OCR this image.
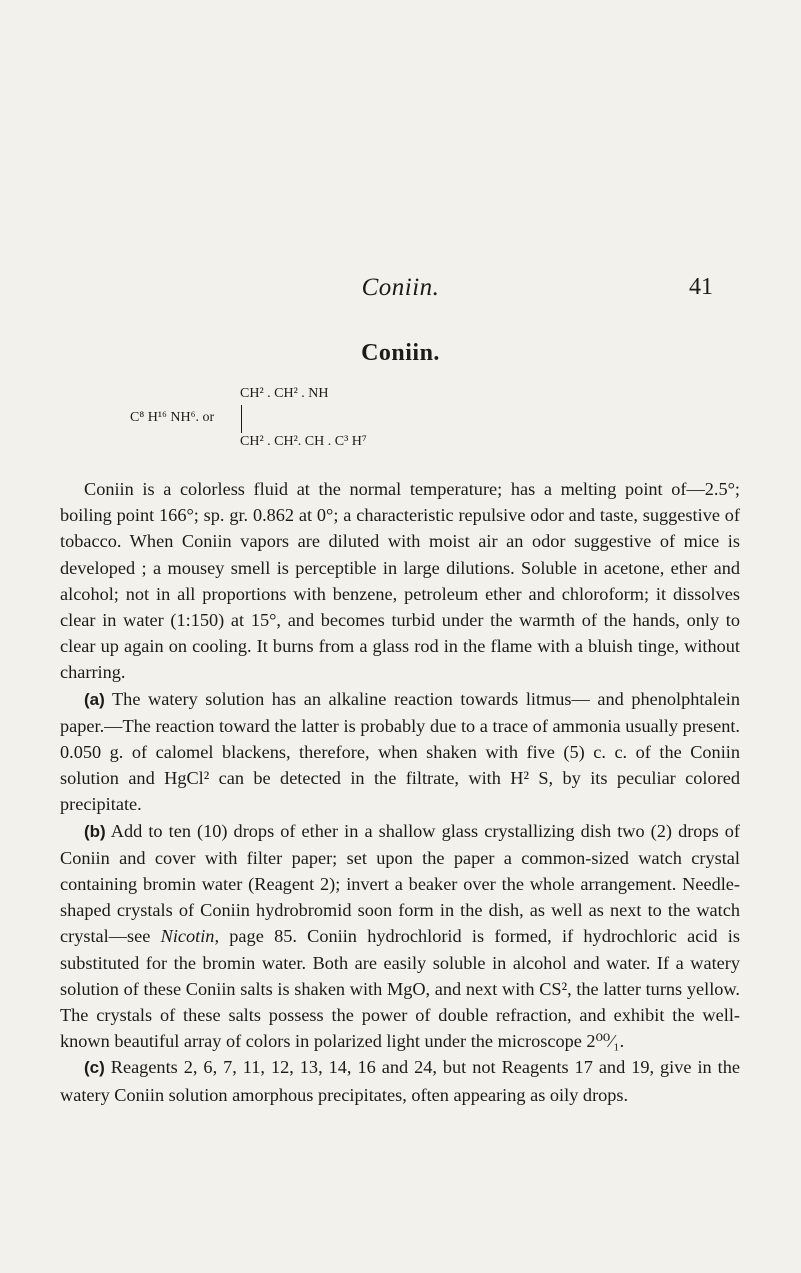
Coniin.	41
Coniin.
CH² . CH² . NH
C⁸ H¹⁶ NH⁶. or
CH² . CH². CH . C³ H⁷

Coniin is a colorless fluid at the normal temperature; has a melting point of—2.5°; boiling point 166°; sp. gr. 0.862 at 0°; a characteristic repulsive odor and taste, suggestive of tobacco. When Coniin vapors are diluted with moist air an odor suggestive of mice is developed ; a mousey smell is perceptible in large dilutions. Soluble in acetone, ether and alcohol; not in all proportions with benzene, petroleum ether and chloroform; it dissolves clear in water (1:150) at 15°, and becomes turbid under the warmth of the hands, only to clear up again on cooling. It burns from a glass rod in the flame with a bluish tinge, without charring.

(a) The watery solution has an alkaline reaction towards litmus— and phenolphtalein paper.—The reaction toward the latter is probably due to a trace of ammonia usually present. 0.050 g. of calomel blackens, therefore, when shaken with five (5) c. c. of the Coniin solution and HgCl² can be detected in the filtrate, with H² S, by its peculiar colored precipitate.

(b) Add to ten (10) drops of ether in a shallow glass crystallizing dish two (2) drops of Coniin and cover with filter paper; set upon the paper a common-sized watch crystal containing bromin water (Reagent 2); invert a beaker over the whole arrangement. Needle-shaped crystals of Coniin hydrobromid soon form in the dish, as well as next to the watch crystal—see Nicotin, page 85. Coniin hydrochlorid is formed, if hydrochloric acid is substituted for the bromin water. Both are easily soluble in alcohol and water. If a watery solution of these Coniin salts is shaken with MgO, and next with CS², the latter turns yellow. The crystals of these salts possess the power of double refraction, and exhibit the well-known beautiful array of colors in polarized light under the microscope 2⁰⁰⁄₁.

(c) Reagents 2, 6, 7, 11, 12, 13, 14, 16 and 24, but not Reagents 17 and 19, give in the watery Coniin solution amorphous precipitates, often appearing as oily drops.
